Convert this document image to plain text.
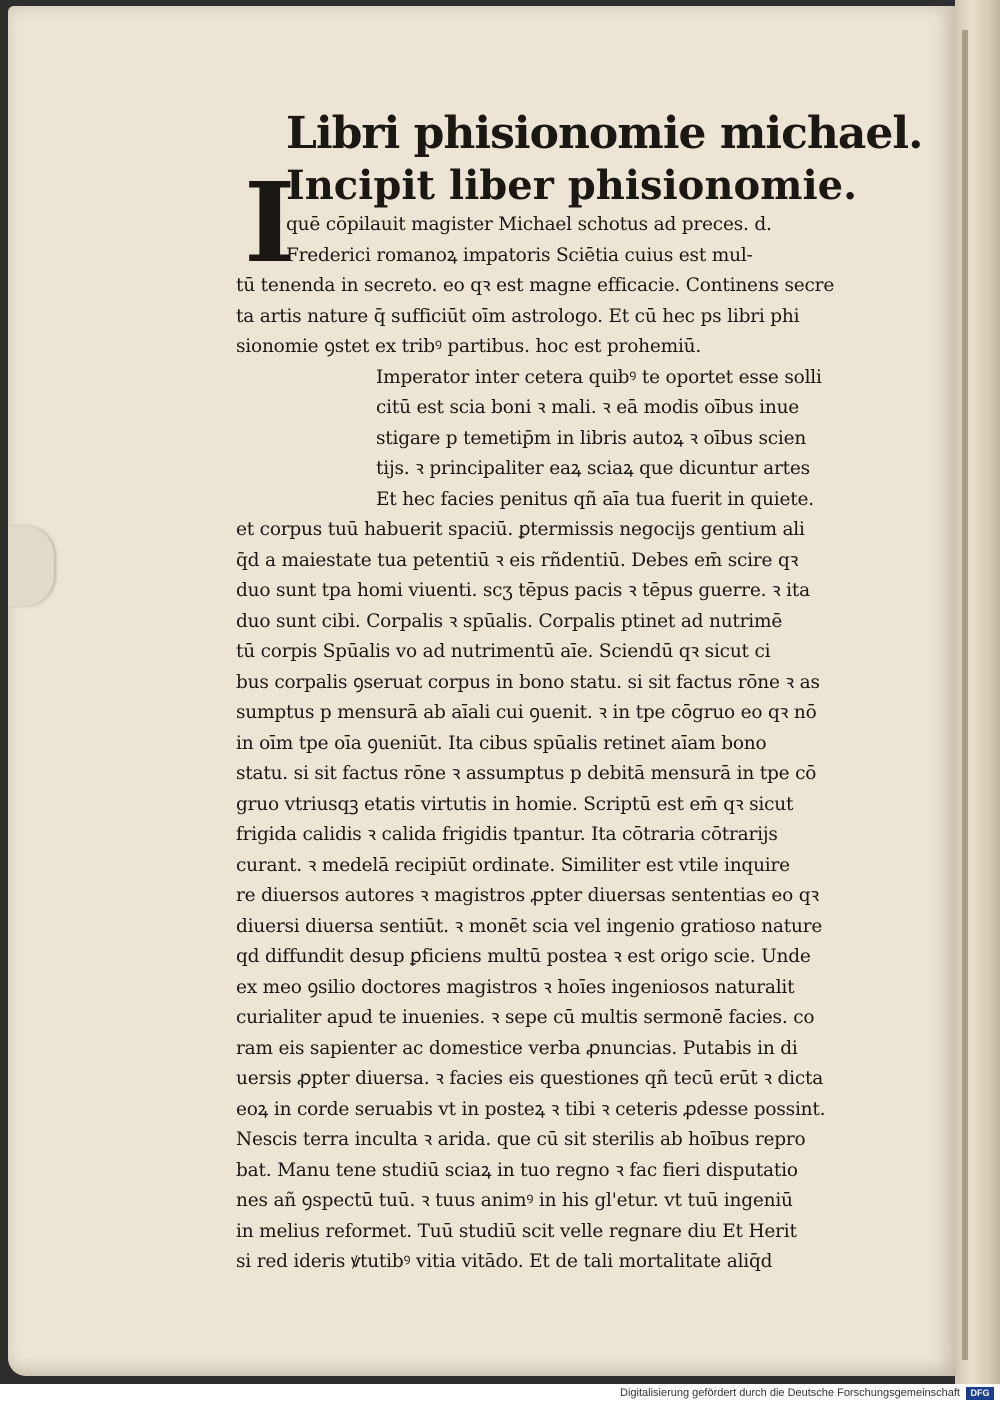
Libri phisionomie michael.
I
Incipit liber phisionomie.
quē cōpilauit magister Michael schotus ad preces. d.
Frederici romanoꝝ impatoris Sciētia cuius est mul-
tū tenenda in secreto. eo qꝛ est magne efficacie. Continens secre
ta artis nature q̄ sufficiūt oīm astrologo. Et cū hec ps libri phi
sionomie ꝯstet ex tribꝰ partibus. hoc est prohemiū.
Imperator inter cetera quibꝰ te oportet esse solli
citū est scia boni ꝛ mali. ꝛ eā modis oībus inue
stigare p temetip̄m in libris autoꝝ ꝛ oībus scien
tijs. ꝛ principaliter eaꝝ sciaꝝ que dicuntur artes
Et hec facies penitus qñ aīa tua fuerit in quiete.
et corpus tuū habuerit spaciū. ꝑtermissis negocijs gentium ali
q̄d a maiestate tua petentiū ꝛ eis rñdentiū. Debes em̄ scire qꝛ
duo sunt tpa homi viuenti. scʒ tēpus pacis ꝛ tēpus guerre. ꝛ ita
duo sunt cibi. Corpalis ꝛ spūalis. Corpalis ptinet ad nutrimē
tū corpis Spūalis vo ad nutrimentū aīe. Sciendū qꝛ sicut ci
bus corpalis ꝯseruat corpus in bono statu. si sit factus rōne ꝛ as
sumptus p mensurā ab aīali cui ꝯuenit. ꝛ in tpe cōgruo eo qꝛ nō
in oīm tpe oīa ꝯueniūt. Ita cibus spūalis retinet aīam bono
statu. si sit factus rōne ꝛ assumptus p debitā mensurā in tpe cō
gruo vtriusqꝫ etatis virtutis in homie. Scriptū est em̄ qꝛ sicut
frigida calidis ꝛ calida frigidis tpantur. Ita cōtraria cōtrarijs
curant. ꝛ medelā recipiūt ordinate. Similiter est vtile inquire
re diuersos autores ꝛ magistros ꝓpter diuersas sententias eo qꝛ
diuersi diuersa sentiūt. ꝛ monēt scia vel ingenio gratioso nature
qd diffundit desup ꝑficiens multū postea ꝛ est origo scie. Unde
ex meo ꝯsilio doctores magistros ꝛ hoīes ingeniosos naturalit
curialiter apud te inuenies. ꝛ sepe cū multis sermonē facies. co
ram eis sapienter ac domestice verba ꝓnuncias. Putabis in di
uersis ꝓpter diuersa. ꝛ facies eis questiones qñ tecū erūt ꝛ dicta
eoꝝ in corde seruabis vt in posteꝝ ꝛ tibi ꝛ ceteris ꝓdesse possint.
Nescis terra inculta ꝛ arida. que cū sit sterilis ab hoībus repro
bat. Manu tene studiū sciaꝝ in tuo regno ꝛ fac fieri disputatio
nes añ ꝯspectū tuū. ꝛ tuus animꝰ in his gl'etur. vt tuū ingeniū
in melius reformet. Tuū studiū scit velle regnare diu Et Herit
si red ideris ꝟtutibꝰ vitia vitādo. Et de tali mortalitate aliq̄d
Digitalisierung gefördert durch die Deutsche Forschungsgemeinschaft	DFG
